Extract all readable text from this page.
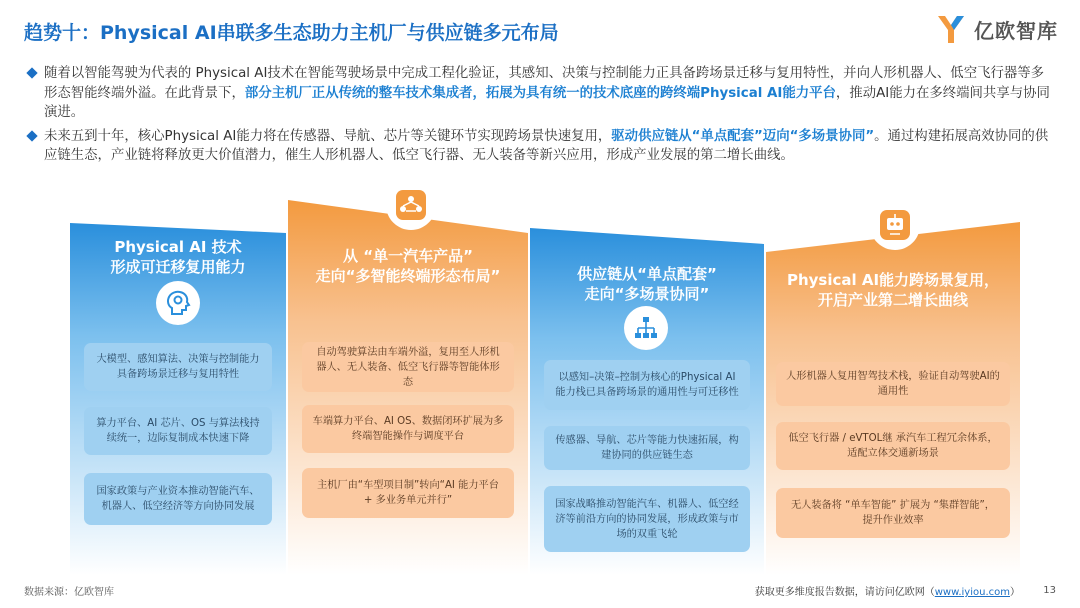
趋势十：Physical AI串联多生态助力主机厂与供应链多元布局	亿欧智库
随着以智能驾驶为代表的 Physical AI技术在智能驾驶场景中完成工程化验证，其感知、决策与控制能力正具备跨场景迁移与复用特性，并向人形机器人、低空飞行器等多形态智能终端外溢。在此背景下，部分主机厂正从传统的整车技术集成者，拓展为具有统一的技术底座的跨终端Physical AI能力平台，推动AI能力在多终端间共享与协同演进。
未来五到十年，核心Physical AI能力将在传感器、导航、芯片等关键环节实现跨场景快速复用，驱动供应链从“单点配套”迈向“多场景协同”。通过构建拓展高效协同的供应链生态，产业链将释放更大价值潜力，催生人形机器人、低空飞行器、无人装备等新兴应用，形成产业发展的第二增长曲线。
Physical AI 技术
形成可迁移复用能力
大模型、感知算法、决策与控制能力具备跨场景迁移与复用特性
算力平台、AI 芯片、OS 与算法栈持续统一，边际复制成本快速下降
国家政策与产业资本推动智能汽车、机器人、低空经济等方向协同发展
从 “单一汽车产品”
走向“多智能终端形态布局”
自动驾驶算法由车端外溢，复用至人形机器人、无人装备、低空飞行器等智能体形态
车端算力平台、AI OS、数据闭环扩展为多终端智能操作与调度平台
主机厂由“车型项目制”转向“AI 能力平台 + 多业务单元并行”
供应链从“单点配套”
走向“多场景协同”
以感知–决策–控制为核心的Physical AI能力栈已具备跨场景的通用性与可迁移性
传感器、导航、芯片等能力快速拓展，构建协同的供应链生态
国家战略推动智能汽车、机器人、低空经济等前沿方向的协同发展，形成政策与市场的双重飞轮
Physical AI能力跨场景复用，
开启产业第二增长曲线
人形机器人复用智驾技术栈，验证自动驾驶AI的通用性
低空飞行器 / eVTOL继 承汽车工程冗余体系，适配立体交通新场景
无人装备将 “单车智能” 扩展为 “集群智能”，提升作业效率
数据来源：亿欧智库	获取更多维度报告数据，请访问亿欧网（www.iyiou.com） 13
